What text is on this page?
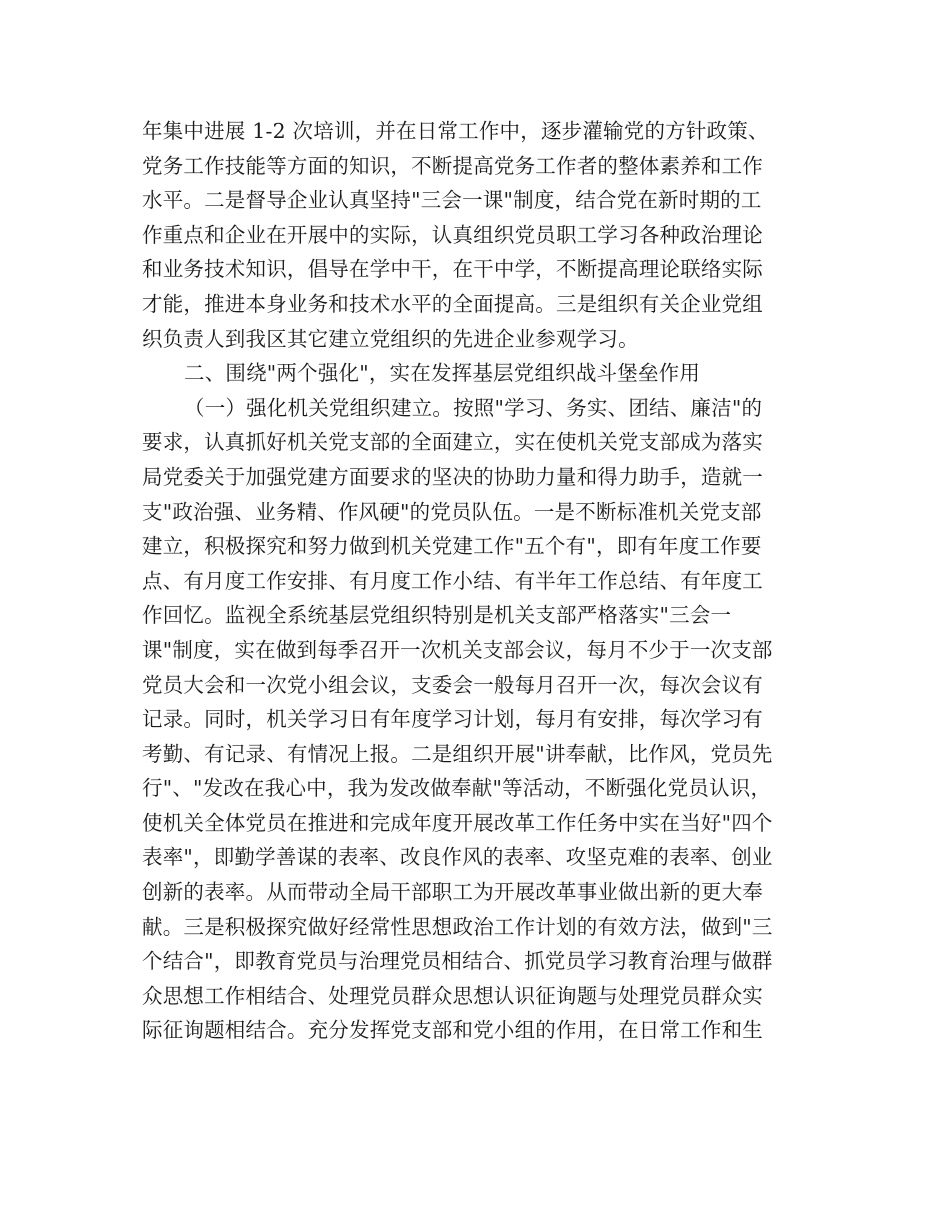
年集中进展 1-2 次培训，并在日常工作中，逐步灌输党的方针政策、
党务工作技能等方面的知识，不断提高党务工作者的整体素养和工作
水平。二是督导企业认真坚持"三会一课"制度，结合党在新时期的工
作重点和企业在开展中的实际，认真组织党员职工学习各种政治理论
和业务技术知识，倡导在学中干，在干中学，不断提高理论联络实际
才能，推进本身业务和技术水平的全面提高。三是组织有关企业党组
织负责人到我区其它建立党组织的先进企业参观学习。
二、围绕"两个强化"，实在发挥基层党组织战斗堡垒作用
（一）强化机关党组织建立。按照"学习、务实、团结、廉洁"的
要求，认真抓好机关党支部的全面建立，实在使机关党支部成为落实
局党委关于加强党建方面要求的坚决的协助力量和得力助手，造就一
支"政治强、业务精、作风硬"的党员队伍。一是不断标准机关党支部
建立，积极探究和努力做到机关党建工作"五个有"，即有年度工作要
点、有月度工作安排、有月度工作小结、有半年工作总结、有年度工
作回忆。监视全系统基层党组织特别是机关支部严格落实"三会一
课"制度，实在做到每季召开一次机关支部会议，每月不少于一次支部
党员大会和一次党小组会议，支委会一般每月召开一次，每次会议有
记录。同时，机关学习日有年度学习计划，每月有安排，每次学习有
考勤、有记录、有情况上报。二是组织开展"讲奉献，比作风，党员先
行"、"发改在我心中，我为发改做奉献"等活动，不断强化党员认识，
使机关全体党员在推进和完成年度开展改革工作任务中实在当好"四个
表率"，即勤学善谋的表率、改良作风的表率、攻坚克难的表率、创业
创新的表率。从而带动全局干部职工为开展改革事业做出新的更大奉
献。三是积极探究做好经常性思想政治工作计划的有效方法，做到"三
个结合"，即教育党员与治理党员相结合、抓党员学习教育治理与做群
众思想工作相结合、处理党员群众思想认识征询题与处理党员群众实
际征询题相结合。充分发挥党支部和党小组的作用，在日常工作和生
